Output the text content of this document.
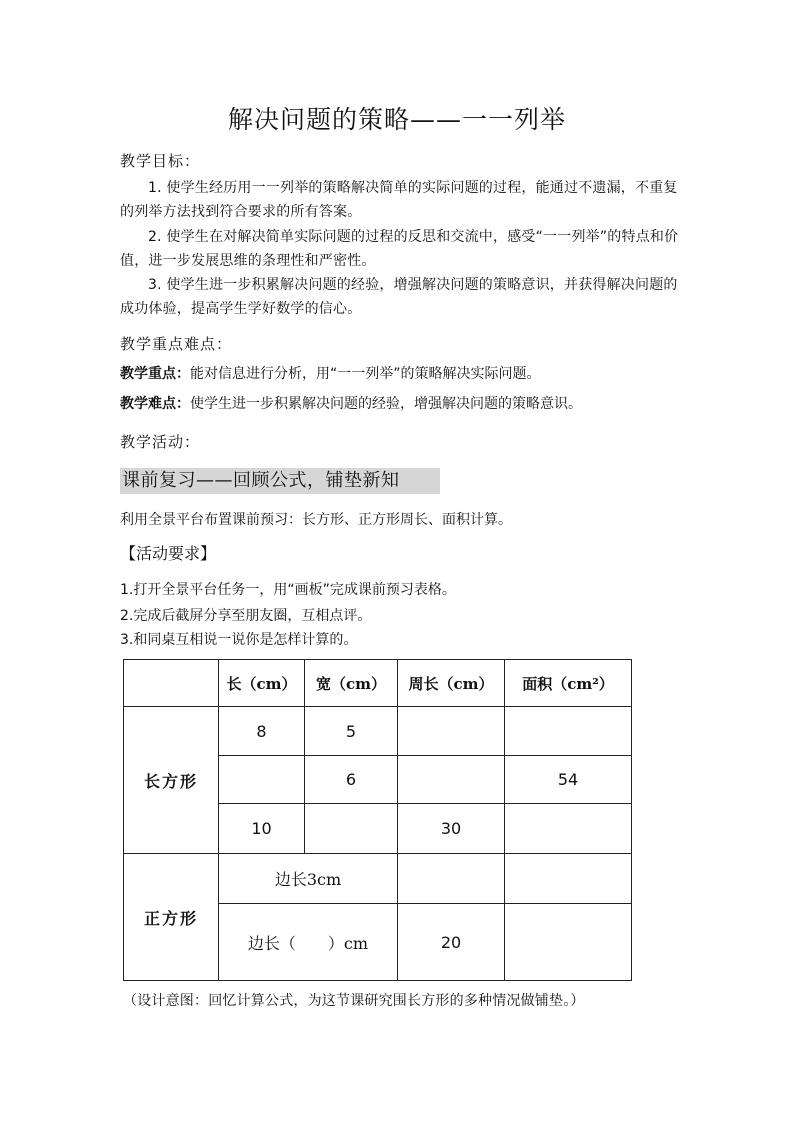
解决问题的策略——一一列举
教学目标：
1. 使学生经历用一一列举的策略解决简单的实际问题的过程，能通过不遗漏，不重复的列举方法找到符合要求的所有答案。
2. 使学生在对解决简单实际问题的过程的反思和交流中，感受“一一列举”的特点和价值，进一步发展思维的条理性和严密性。
3. 使学生进一步积累解决问题的经验，增强解决问题的策略意识，并获得解决问题的成功体验，提高学生学好数学的信心。
教学重点难点：
教学重点：能对信息进行分析，用“一一列举”的策略解决实际问题。
教学难点：使学生进一步积累解决问题的经验，增强解决问题的策略意识。
教学活动：
课前复习——回顾公式，铺垫新知
利用全景平台布置课前预习：长方形、正方形周长、面积计算。
【活动要求】
1.打开全景平台任务一，用“画板”完成课前预习表格。
2.完成后截屏分享至朋友圈，互相点评。
3.和同桌互相说一说你是怎样计算的。
	长（cm）	宽（cm）	周长（cm）	面积（cm²）
长方形	8	5		
		6		54
	10		30	
正方形	边长3cm			
	边长（　　）cm		20	
（设计意图：回忆计算公式，为这节课研究围长方形的多种情况做铺垫。）
